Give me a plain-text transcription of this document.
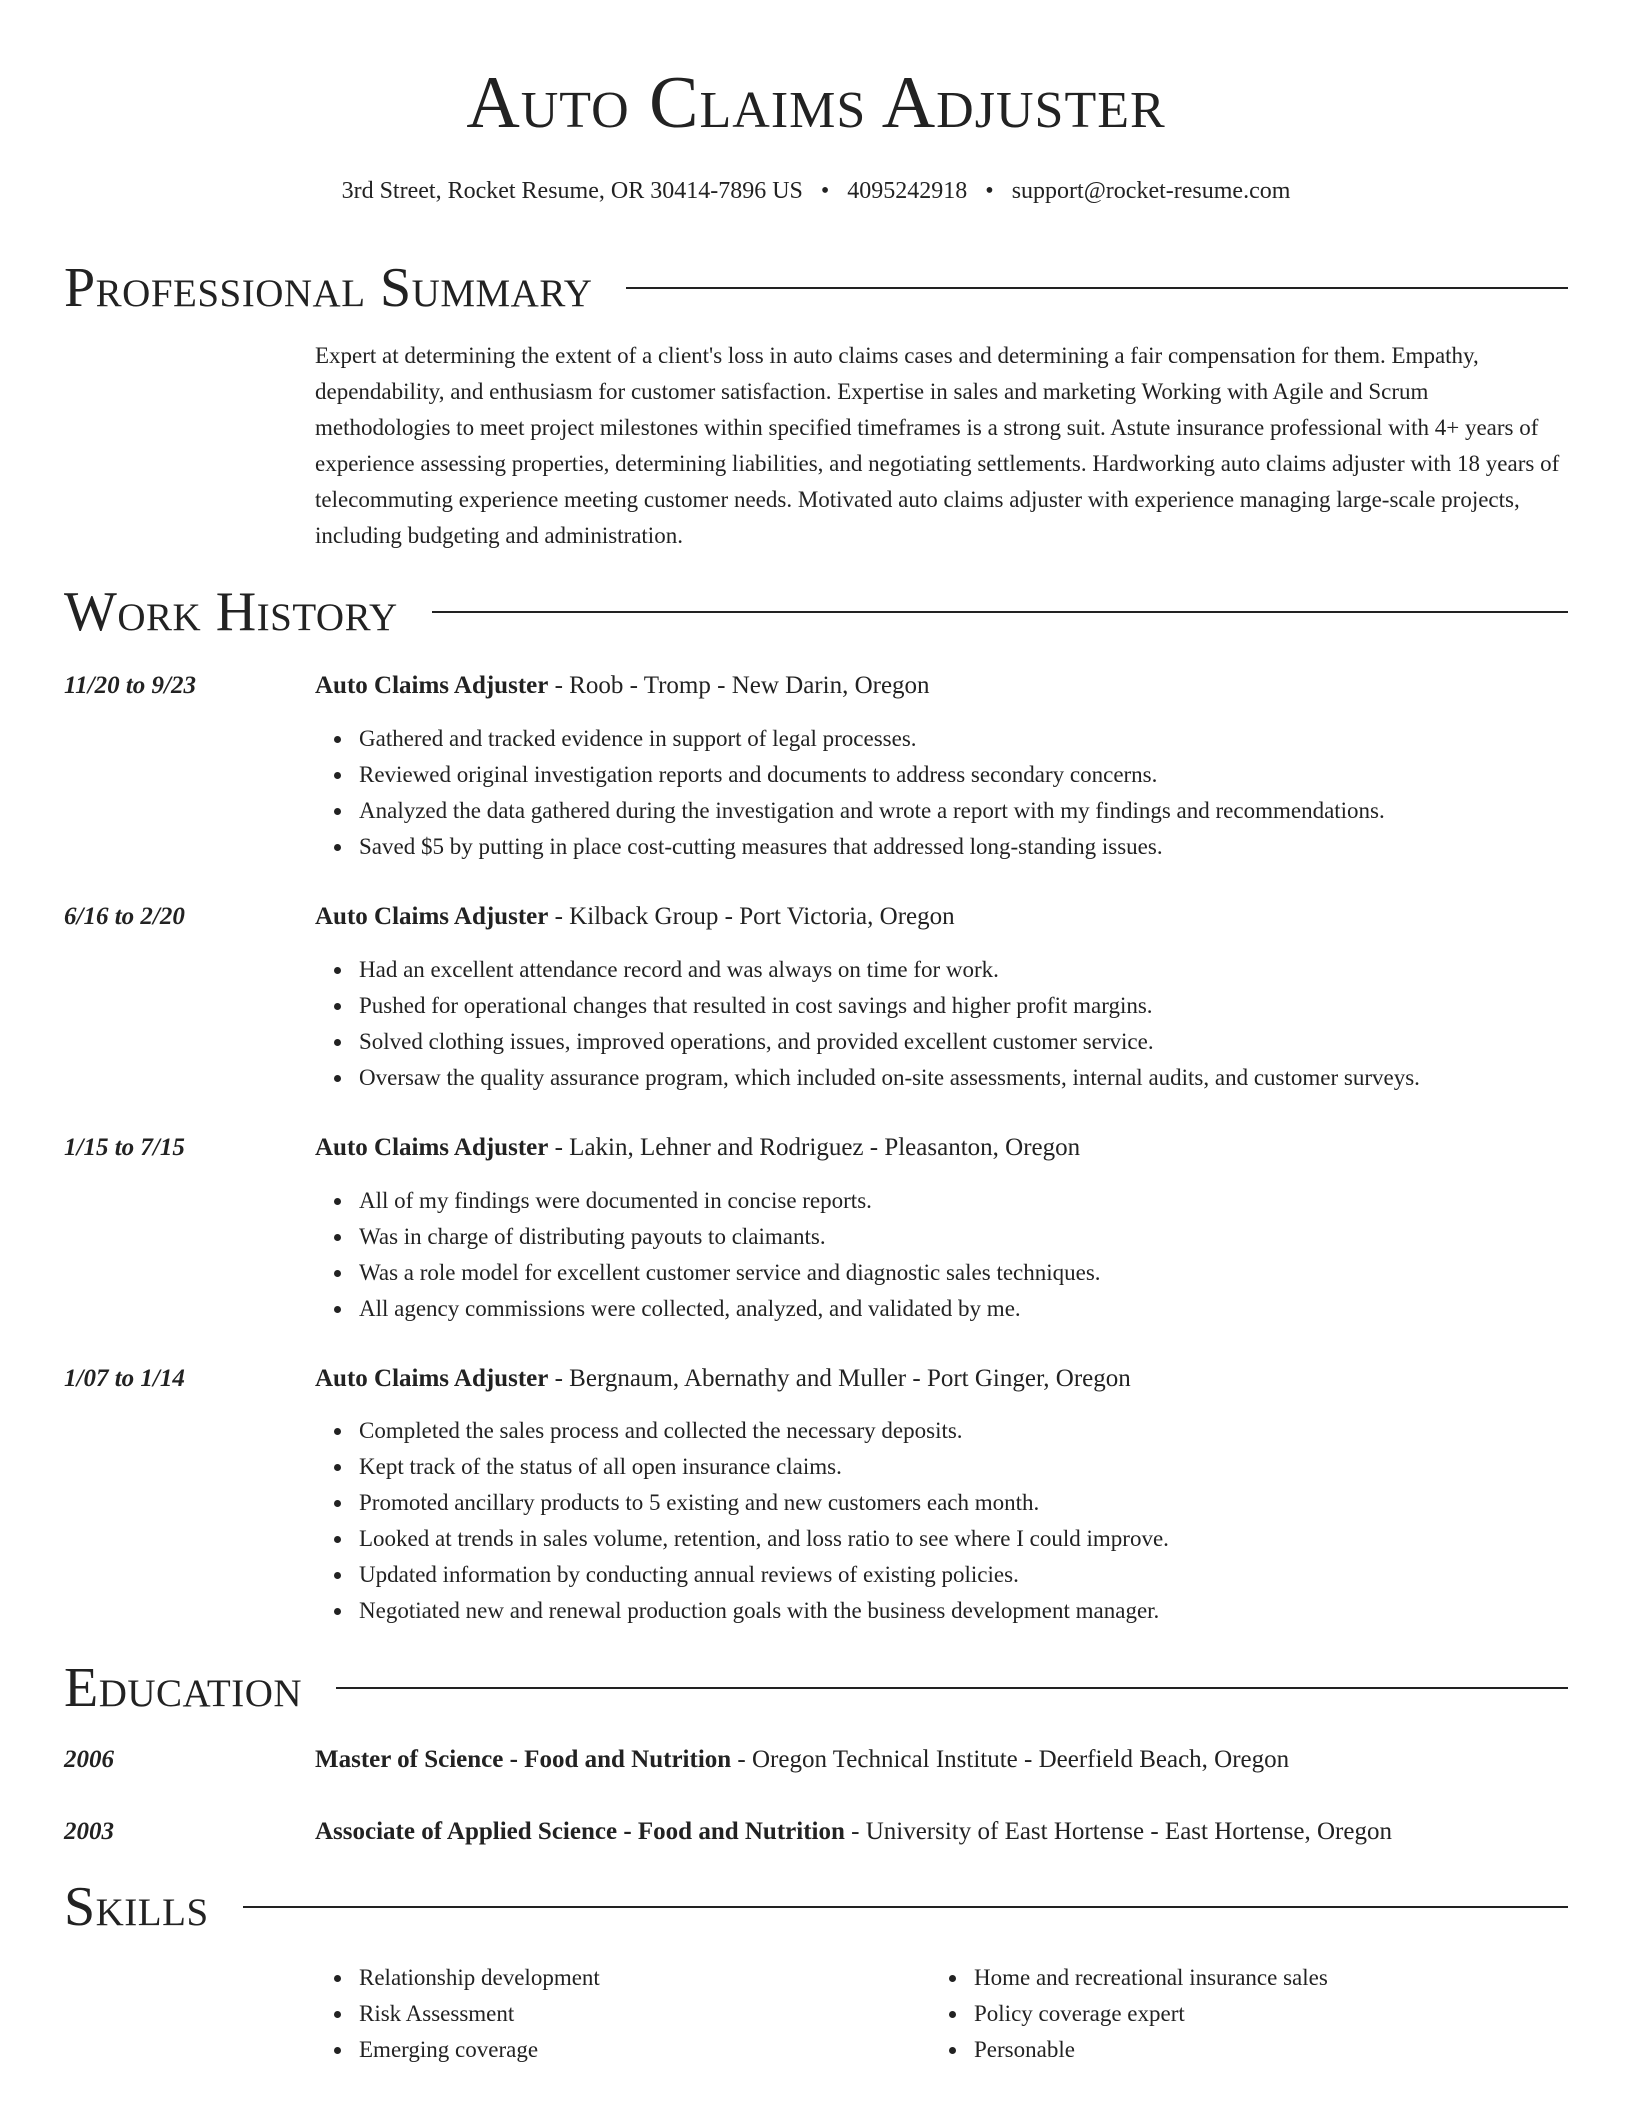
Auto Claims Adjuster
3rd Street, Rocket Resume, OR 30414-7896 US • 4095242918 • support@rocket-resume.com
Professional Summary

Expert at determining the extent of a client's loss in auto claims cases and determining a fair compensation for them. Empathy, dependability, and enthusiasm for customer satisfaction. Expertise in sales and marketing Working with Agile and Scrum methodologies to meet project milestones within specified timeframes is a strong suit. Astute insurance professional with 4+ years of experience assessing properties, determining liabilities, and negotiating settlements. Hardworking auto claims adjuster with 18 years of telecommuting experience meeting customer needs. Motivated auto claims adjuster with experience managing large-scale projects, including budgeting and administration.

Work History
11/20 to 9/23	Auto Claims Adjuster - Roob - Tromp - New Darin, Oregon
Gathered and tracked evidence in support of legal processes.
Reviewed original investigation reports and documents to address secondary concerns.
Analyzed the data gathered during the investigation and wrote a report with my findings and recommendations.
Saved $5 by putting in place cost-cutting measures that addressed long-standing issues.
6/16 to 2/20	Auto Claims Adjuster - Kilback Group - Port Victoria, Oregon
Had an excellent attendance record and was always on time for work.
Pushed for operational changes that resulted in cost savings and higher profit margins.
Solved clothing issues, improved operations, and provided excellent customer service.
Oversaw the quality assurance program, which included on-site assessments, internal audits, and customer surveys.
1/15 to 7/15	Auto Claims Adjuster - Lakin, Lehner and Rodriguez - Pleasanton, Oregon
All of my findings were documented in concise reports.
Was in charge of distributing payouts to claimants.
Was a role model for excellent customer service and diagnostic sales techniques.
All agency commissions were collected, analyzed, and validated by me.
1/07 to 1/14	Auto Claims Adjuster - Bergnaum, Abernathy and Muller - Port Ginger, Oregon
Completed the sales process and collected the necessary deposits.
Kept track of the status of all open insurance claims.
Promoted ancillary products to 5 existing and new customers each month.
Looked at trends in sales volume, retention, and loss ratio to see where I could improve.
Updated information by conducting annual reviews of existing policies.
Negotiated new and renewal production goals with the business development manager.
Education
2006	Master of Science - Food and Nutrition - Oregon Technical Institute - Deerfield Beach, Oregon
2003	Associate of Applied Science - Food and Nutrition - University of East Hortense - East Hortense, Oregon
Skills
Relationship development
Risk Assessment
Emerging coverage
Home and recreational insurance sales
Policy coverage expert
Personable
